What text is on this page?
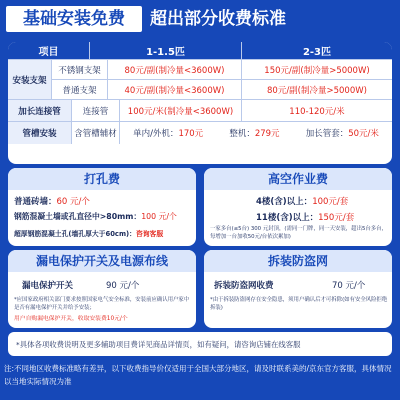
基础安装免费	超出部分收费标准
项目	1-1.5匹	2-3匹
安装支架
不锈钢支架	80元/副(制冷量<3600W)	150元/副(制冷量>5000W)
普通支架	40元/副(制冷量<3600W)	80元/副(制冷量>5000W)
加长连接管	连接管	100元/米(制冷量<3600W)	110-120元/米
管槽安装	含管槽辅材	单内/外机：170元	整机：279元	加长管套：50元/米
打孔费
普通砖墙：60 元/个
钢筋混凝土墙或孔直径中>80mm：100 元/个
超厚钢筋混凝土孔(墙孔厚大于60cm)：咨询客服
高空作业费
4楼(含)以上：100元/套
11楼(含)以上：150元/套
一家多台(≤5台) 300 元封顶，(需同一门牌，同一天安装，超出5台多台，每增加一台加收50元/台依次累加)
漏电保护开关及电源布线
漏电保护开关	90 元/个
*应国家政府相关部门要求按照国家电气安全标准，安装前应确认用户家中是否有漏电保护开关并给予安装；
用户自购漏电保护开关，收取安装费10元/个
拆装防盗网
拆装防盗网收费	70 元/个
*由于拆装防盗网存在安全隐患，须用户确认后才可拆除(如有安全风险拒绝拆装)
*具体各项收费说明及更多辅助项目费详见商品详情页，如有疑问，请咨询店铺在线客服
注:不同地区收费标准略有差异，以下收费指导价仅适用于全国大部分地区，请及时联系美的/京东官方客服，具体情况以当地实际情况为准
